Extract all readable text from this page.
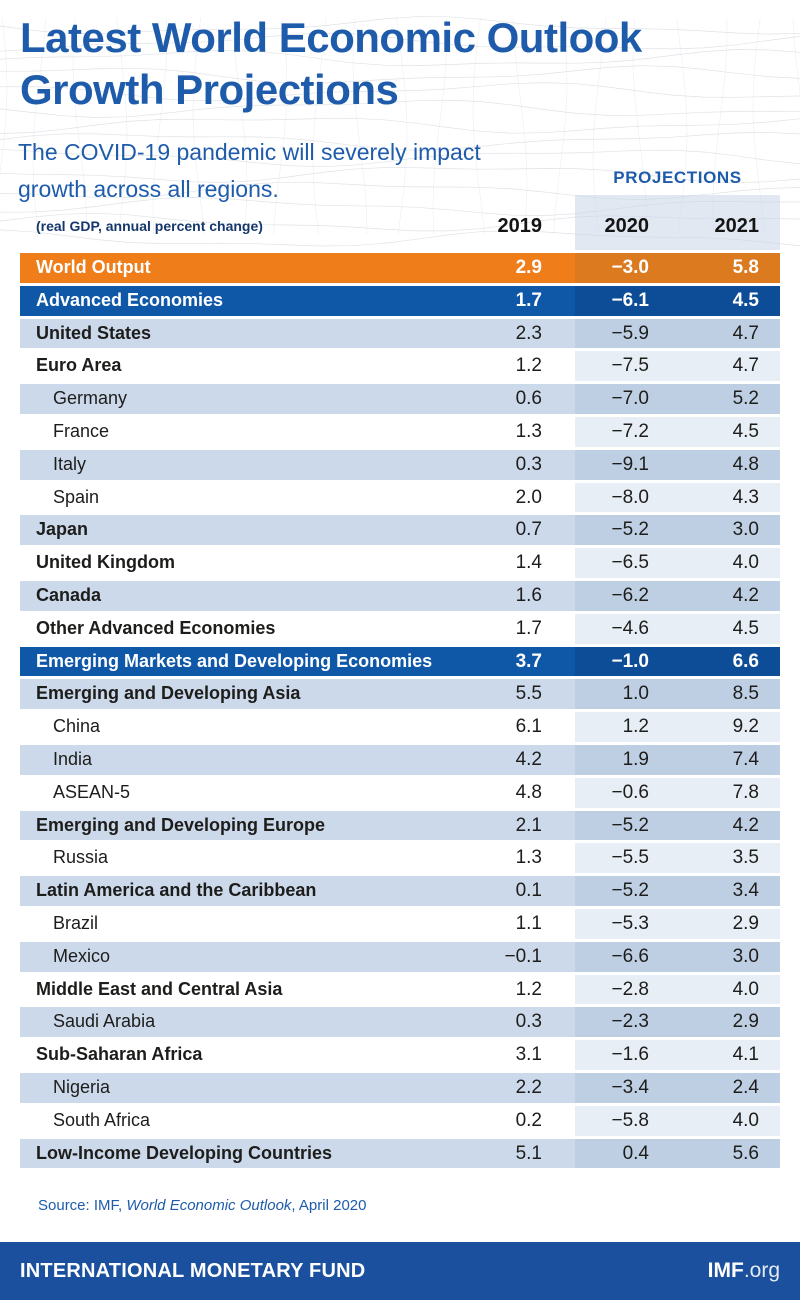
Latest World Economic Outlook
Growth Projections

The COVID-19 pandemic will severely impact
growth across all regions.	PROJECTIONS
(real GDP, annual percent change)	2019	2020	2021
World Output	2.9	−3.0	5.8
Advanced Economies	1.7	−6.1	4.5
United States	2.3	−5.9	4.7
Euro Area	1.2	−7.5	4.7
Germany	0.6	−7.0	5.2
France	1.3	−7.2	4.5
Italy	0.3	−9.1	4.8
Spain	2.0	−8.0	4.3
Japan	0.7	−5.2	3.0
United Kingdom	1.4	−6.5	4.0
Canada	1.6	−6.2	4.2
Other Advanced Economies	1.7	−4.6	4.5
Emerging Markets and Developing Economies	3.7	−1.0	6.6
Emerging and Developing Asia	5.5	1.0	8.5
China	6.1	1.2	9.2
India	4.2	1.9	7.4
ASEAN-5	4.8	−0.6	7.8
Emerging and Developing Europe	2.1	−5.2	4.2
Russia	1.3	−5.5	3.5
Latin America and the Caribbean	0.1	−5.2	3.4
Brazil	1.1	−5.3	2.9
Mexico	−0.1	−6.6	3.0
Middle East and Central Asia	1.2	−2.8	4.0
Saudi Arabia	0.3	−2.3	2.9
Sub-Saharan Africa	3.1	−1.6	4.1
Nigeria	2.2	−3.4	2.4
South Africa	0.2	−5.8	4.0
Low-Income Developing Countries	5.1	0.4	5.6

Source: IMF, World Economic Outlook, April 2020

INTERNATIONAL MONETARY FUND	IMF.org
